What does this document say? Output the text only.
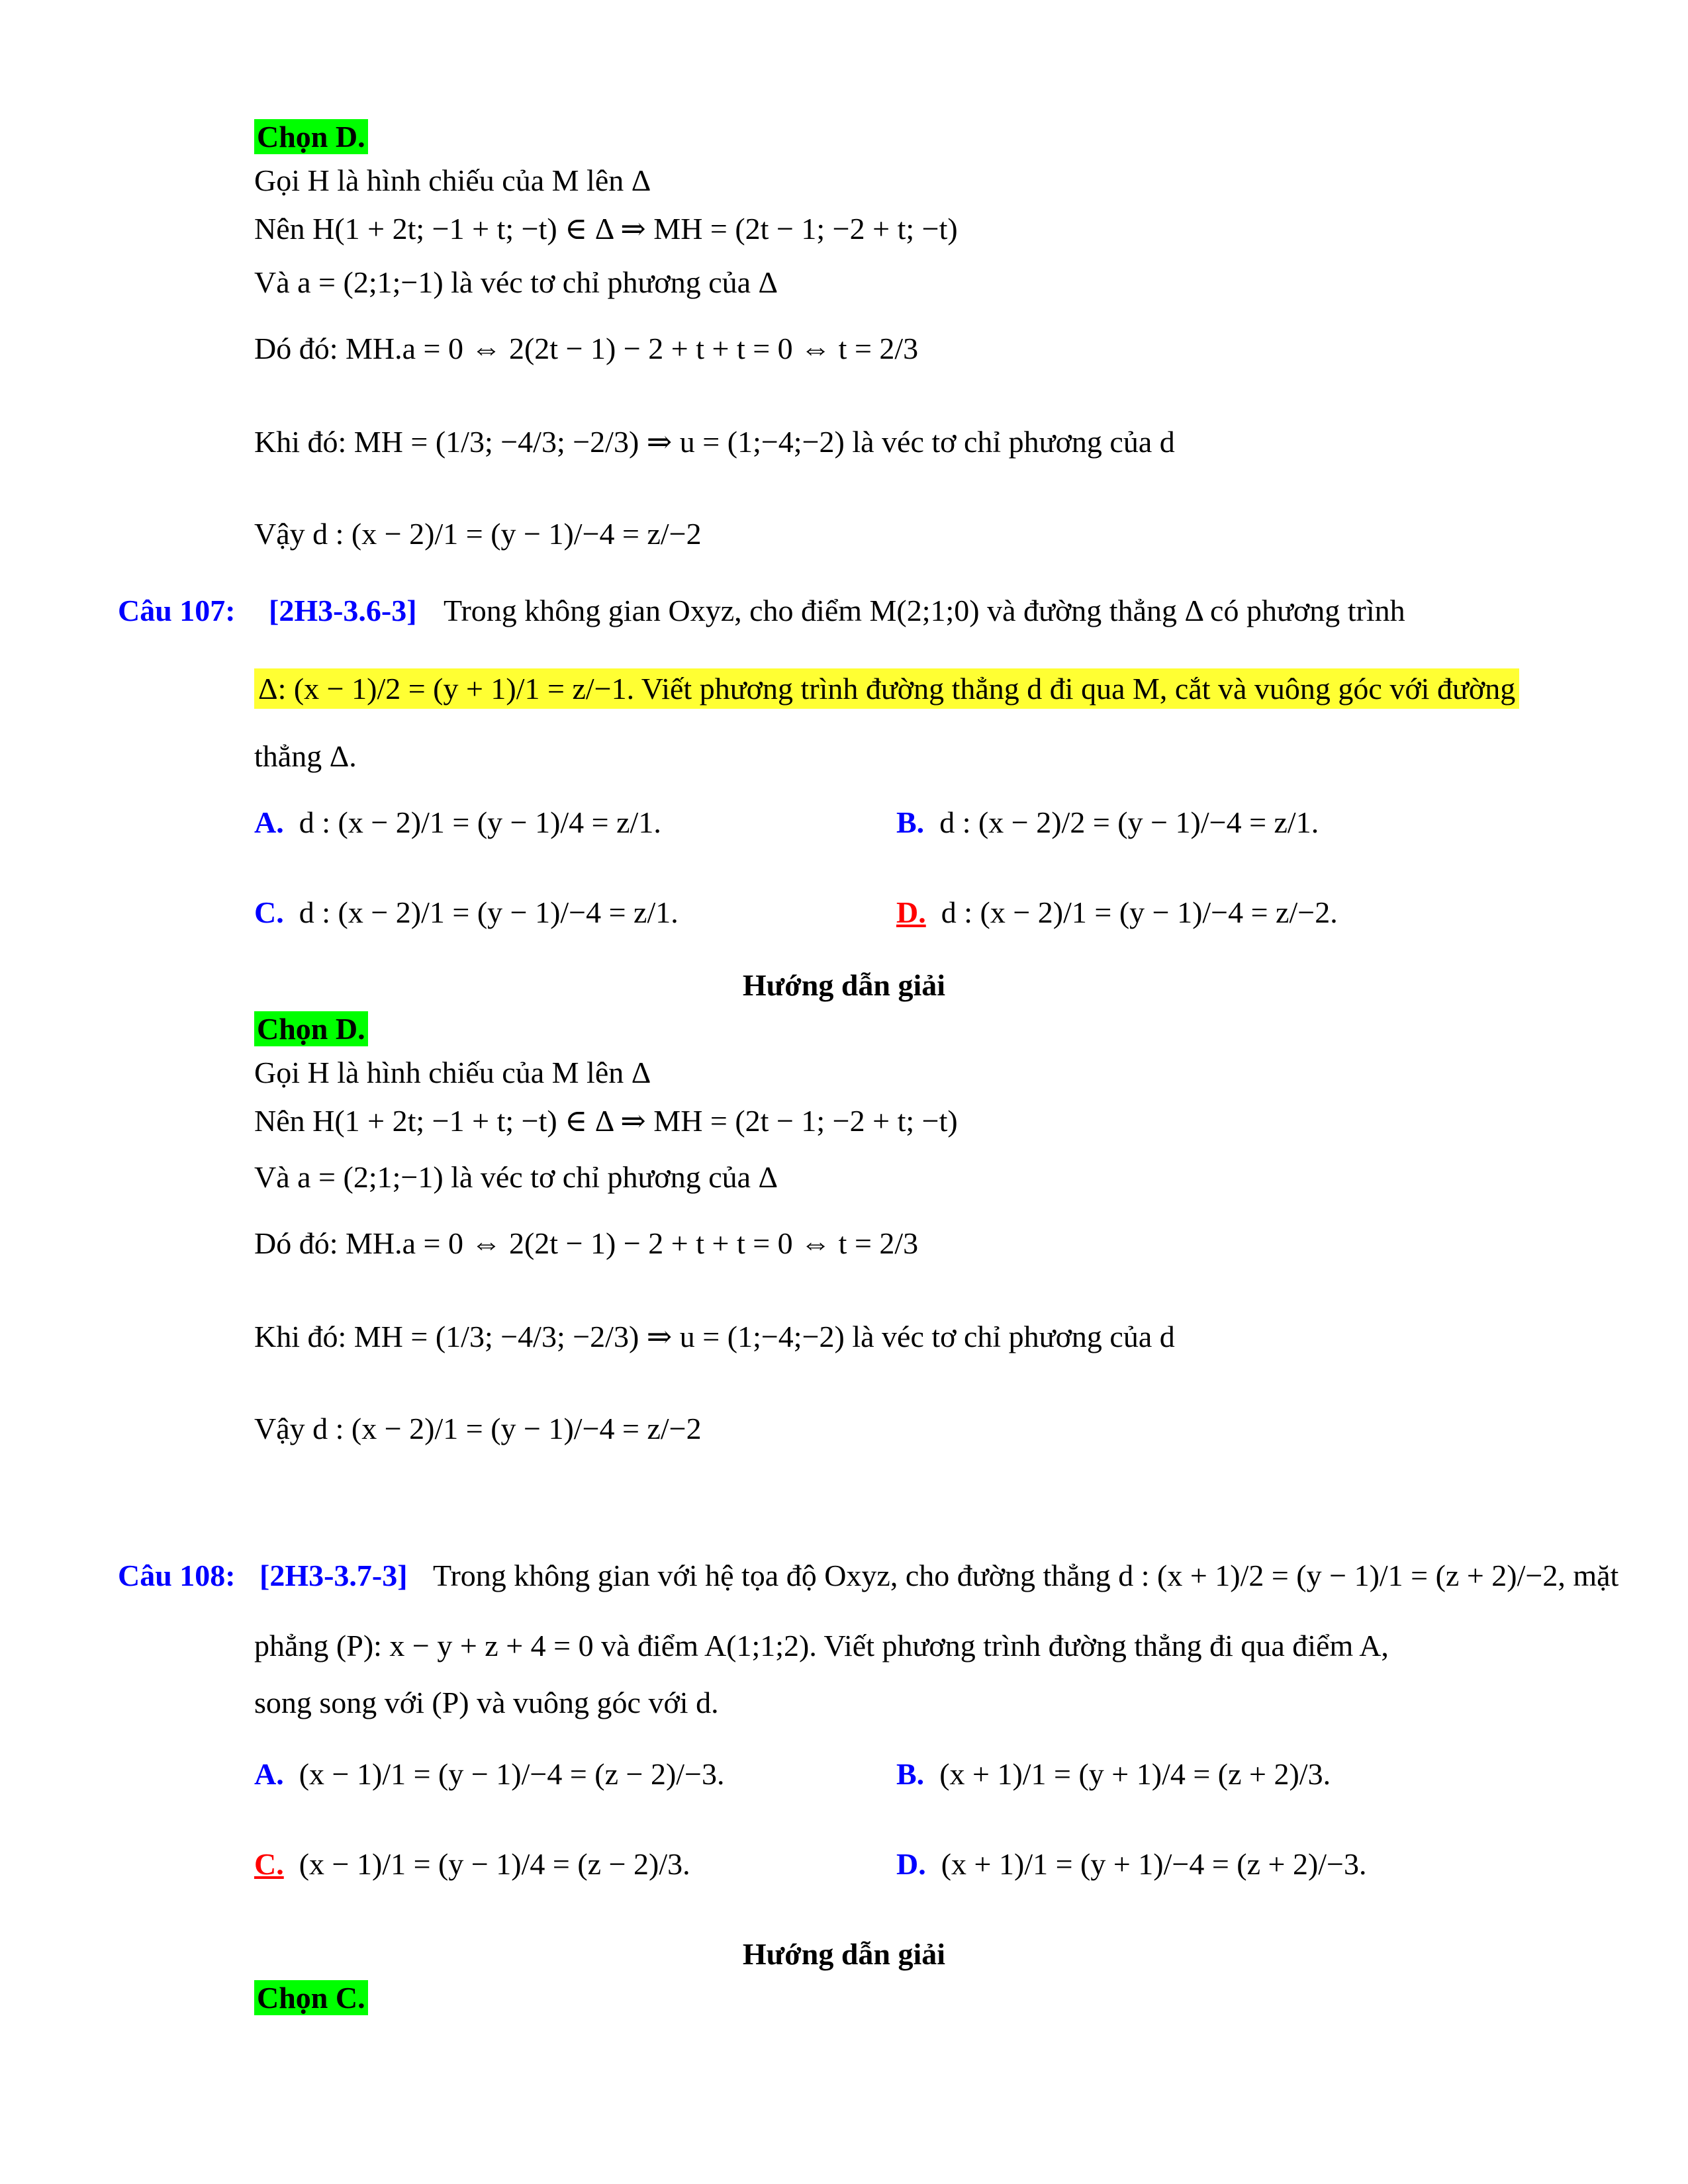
Chọn D.
Gọi H là hình chiếu của M lên Δ
Nên H(1 + 2t; −1 + t; −t) ∈ Δ ⇒ MH = (2t − 1; −2 + t; −t)
Và a = (2;1;−1) là véc tơ chỉ phương của Δ
Dó đó: MH.a = 0 ⇔ 2(2t − 1) − 2 + t + t = 0 ⇔ t = 2/3
Khi đó: MH = (1/3; −4/3; −2/3) ⇒ u = (1;−4;−2) là véc tơ chỉ phương của d
Vậy d : (x − 2)/1 = (y − 1)/−4 = z/−2
Câu 107: [2H3-3.6-3] Trong không gian Oxyz, cho điểm M(2;1;0) và đường thẳng Δ có phương trình
Δ: (x − 1)/2 = (y + 1)/1 = z/−1. Viết phương trình đường thẳng d đi qua M, cắt và vuông góc với đường
thẳng Δ.
A.
d : (x − 2)/1 = (y − 1)/4 = z/1.	B.
d : (x − 2)/2 = (y − 1)/−4 = z/1.
C.
d : (x − 2)/1 = (y − 1)/−4 = z/1.	D.
d : (x − 2)/1 = (y − 1)/−4 = z/−2.
Hướng dẫn giải
Chọn D.
Gọi H là hình chiếu của M lên Δ
Nên H(1 + 2t; −1 + t; −t) ∈ Δ ⇒ MH = (2t − 1; −2 + t; −t)
Và a = (2;1;−1) là véc tơ chỉ phương của Δ
Dó đó: MH.a = 0 ⇔ 2(2t − 1) − 2 + t + t = 0 ⇔ t = 2/3
Khi đó: MH = (1/3; −4/3; −2/3) ⇒ u = (1;−4;−2) là véc tơ chỉ phương của d
Vậy d : (x − 2)/1 = (y − 1)/−4 = z/−2
Câu 108: [2H3-3.7-3] Trong không gian với hệ tọa độ Oxyz, cho đường thẳng d : (x + 1)/2 = (y − 1)/1 = (z + 2)/−2, mặt
phẳng (P): x − y + z + 4 = 0 và điểm A(1;1;2). Viết phương trình đường thẳng đi qua điểm A,
song song với (P) và vuông góc với d.
A.
(x − 1)/1 = (y − 1)/−4 = (z − 2)/−3.	B.
(x + 1)/1 = (y + 1)/4 = (z + 2)/3.
C.
(x − 1)/1 = (y − 1)/4 = (z − 2)/3.	D.
(x + 1)/1 = (y + 1)/−4 = (z + 2)/−3.
Hướng dẫn giải
Chọn C.
